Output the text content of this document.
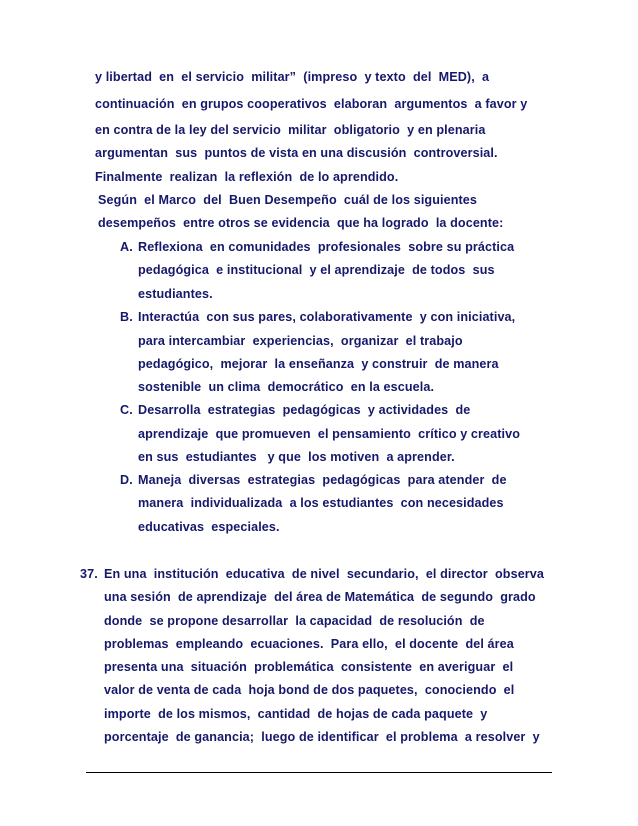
y libertad  en  el servicio  militar”  (impreso  y texto  del  MED),  a
continuación  en grupos cooperativos  elaboran  argumentos  a favor y
en contra de la ley del servicio  militar  obligatorio  y en plenaria
argumentan  sus  puntos de vista en una discusión  controversial.
Finalmente  realizan  la reflexión  de lo aprendido.
Según  el Marco  del  Buen Desempeño  cuál de los siguientes
desempeños  entre otros se evidencia  que ha logrado  la docente:
A. Reflexiona  en comunidades  profesionales  sobre su práctica
pedagógica  e institucional  y el aprendizaje  de todos  sus
estudiantes.
B. Interactúa  con sus pares, colaborativamente  y con iniciativa,
para intercambiar  experiencias,  organizar  el trabajo
pedagógico,  mejorar  la enseñanza  y construir  de manera
sostenible  un clima  democrático  en la escuela.
C. Desarrolla  estrategias  pedagógicas  y actividades  de
aprendizaje  que promueven  el pensamiento  crítico y creativo
en sus  estudiantes   y que  los motiven  a aprender.
D. Maneja  diversas  estrategias  pedagógicas  para atender  de
manera  individualizada  a los estudiantes  con necesidades
educativas  especiales.
37. En una  institución  educativa  de nivel  secundario,  el director  observa
una sesión  de aprendizaje  del área de Matemática  de segundo  grado
donde  se propone desarrollar  la capacidad  de resolución  de
problemas  empleando  ecuaciones.  Para ello,  el docente  del área
presenta una  situación  problemática  consistente  en averiguar  el
valor de venta de cada  hoja bond de dos paquetes,  conociendo  el
importe  de los mismos,  cantidad  de hojas de cada paquete  y
porcentaje  de ganancia;  luego de identificar  el problema  a resolver  y
